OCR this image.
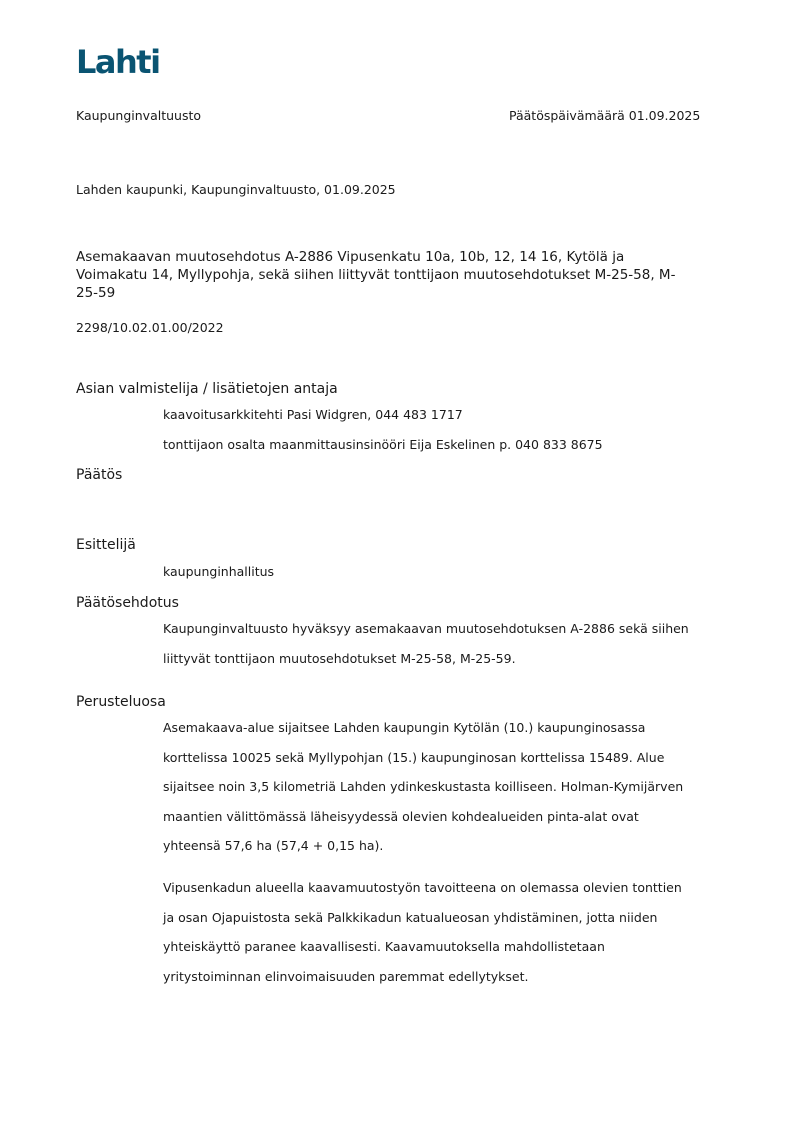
Lahti
Kaupunginvaltuusto	Päätöspäivämäärä 01.09.2025
Lahden kaupunki, Kaupunginvaltuusto, 01.09.2025
Asemakaavan muutosehdotus A-2886 Vipusenkatu 10a, 10b, 12, 14 16, Kytölä ja
Voimakatu 14, Myllypohja, sekä siihen liittyvät tonttijaon muutosehdotukset M-25-58, M-
25-59
2298/10.02.01.00/2022
Asian valmistelija / lisätietojen antaja
kaavoitusarkkitehti Pasi Widgren, 044 483 1717
tonttijaon osalta maanmittausinsinööri Eija Eskelinen p. 040 833 8675
Päätös
Esittelijä
kaupunginhallitus
Päätösehdotus
Kaupunginvaltuusto hyväksyy asemakaavan muutosehdotuksen A-2886 sekä siihen
liittyvät tonttijaon muutosehdotukset M-25-58, M-25-59.
Perusteluosa
Asemakaava-alue sijaitsee Lahden kaupungin Kytölän (10.) kaupunginosassa
korttelissa 10025 sekä Myllypohjan (15.) kaupunginosan korttelissa 15489. Alue
sijaitsee noin 3,5 kilometriä Lahden ydinkeskustasta koilliseen. Holman-Kymijärven
maantien välittömässä läheisyydessä olevien kohdealueiden pinta-alat ovat
yhteensä 57,6 ha (57,4 + 0,15 ha).
Vipusenkadun alueella kaavamuutostyön tavoitteena on olemassa olevien tonttien
ja osan Ojapuistosta sekä Palkkikadun katualueosan yhdistäminen, jotta niiden
yhteiskäyttö paranee kaavallisesti. Kaavamuutoksella mahdollistetaan
yritystoiminnan elinvoimaisuuden paremmat edellytykset.
